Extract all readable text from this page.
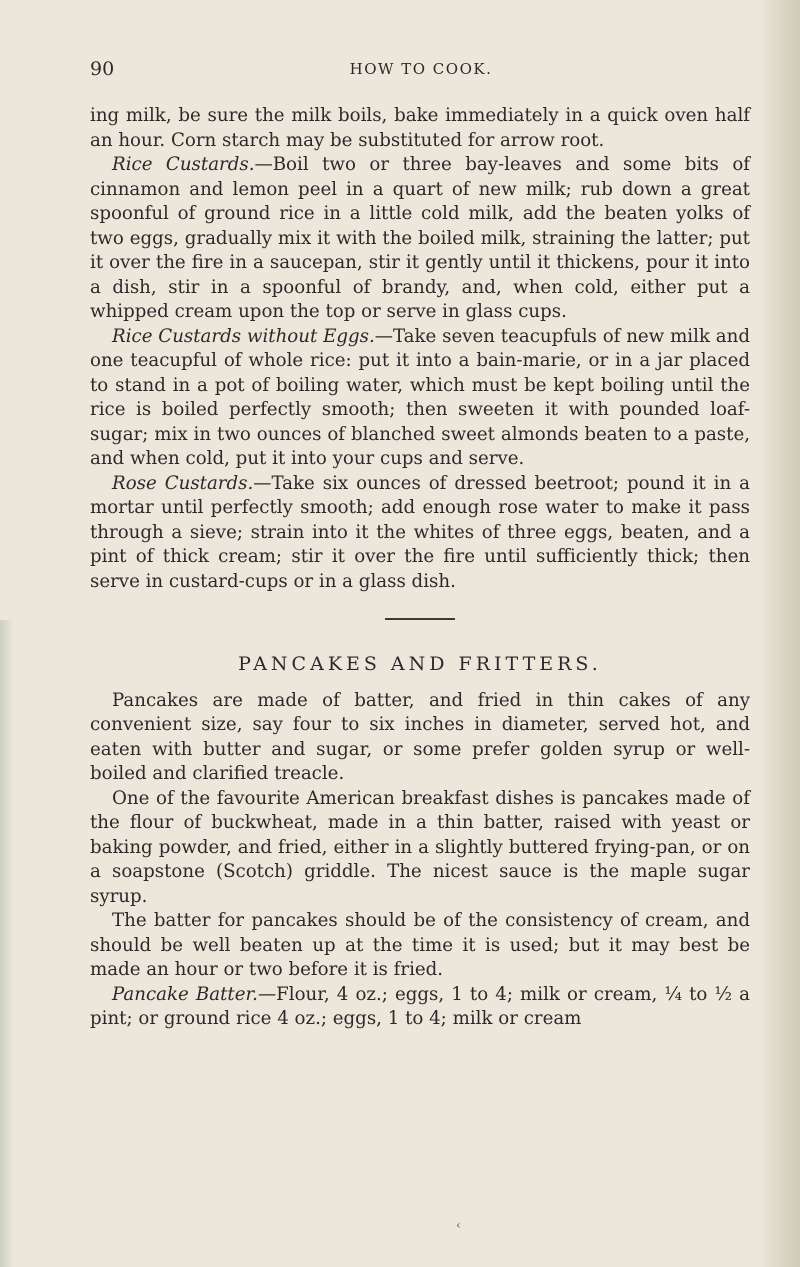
90	HOW TO COOK.

ing milk, be sure the milk boils, bake immediately in a quick oven half an hour. Corn starch may be substituted for arrow root.

Rice Custards.—Boil two or three bay-leaves and some bits of cinnamon and lemon peel in a quart of new milk; rub down a great spoonful of ground rice in a little cold milk, add the beaten yolks of two eggs, gradually mix it with the boiled milk, straining the latter; put it over the fire in a saucepan, stir it gently until it thickens, pour it into a dish, stir in a spoonful of brandy, and, when cold, either put a whipped cream upon the top or serve in glass cups.

Rice Custards without Eggs.—Take seven teacupfuls of new milk and one teacupful of whole rice: put it into a bain-marie, or in a jar placed to stand in a pot of boiling water, which must be kept boiling until the rice is boiled perfectly smooth; then sweeten it with pounded loaf-sugar; mix in two ounces of blanched sweet almonds beaten to a paste, and when cold, put it into your cups and serve.

Rose Custards.—Take six ounces of dressed beetroot; pound it in a mortar until perfectly smooth; add enough rose water to make it pass through a sieve; strain into it the whites of three eggs, beaten, and a pint of thick cream; stir it over the fire until sufficiently thick; then serve in custard-cups or in a glass dish.

PANCAKES AND FRITTERS.

Pancakes are made of batter, and fried in thin cakes of any convenient size, say four to six inches in diameter, served hot, and eaten with butter and sugar, or some prefer golden syrup or well-boiled and clarified treacle.

One of the favourite American breakfast dishes is pancakes made of the flour of buckwheat, made in a thin batter, raised with yeast or baking powder, and fried, either in a slightly buttered frying-pan, or on a soapstone (Scotch) griddle. The nicest sauce is the maple sugar syrup.

The batter for pancakes should be of the consistency of cream, and should be well beaten up at the time it is used; but it may best be made an hour or two before it is fried.

Pancake Batter.—Flour, 4 oz.; eggs, 1 to 4; milk or cream, ¼ to ½ a pint; or ground rice 4 oz.; eggs, 1 to 4; milk or cream

‹
